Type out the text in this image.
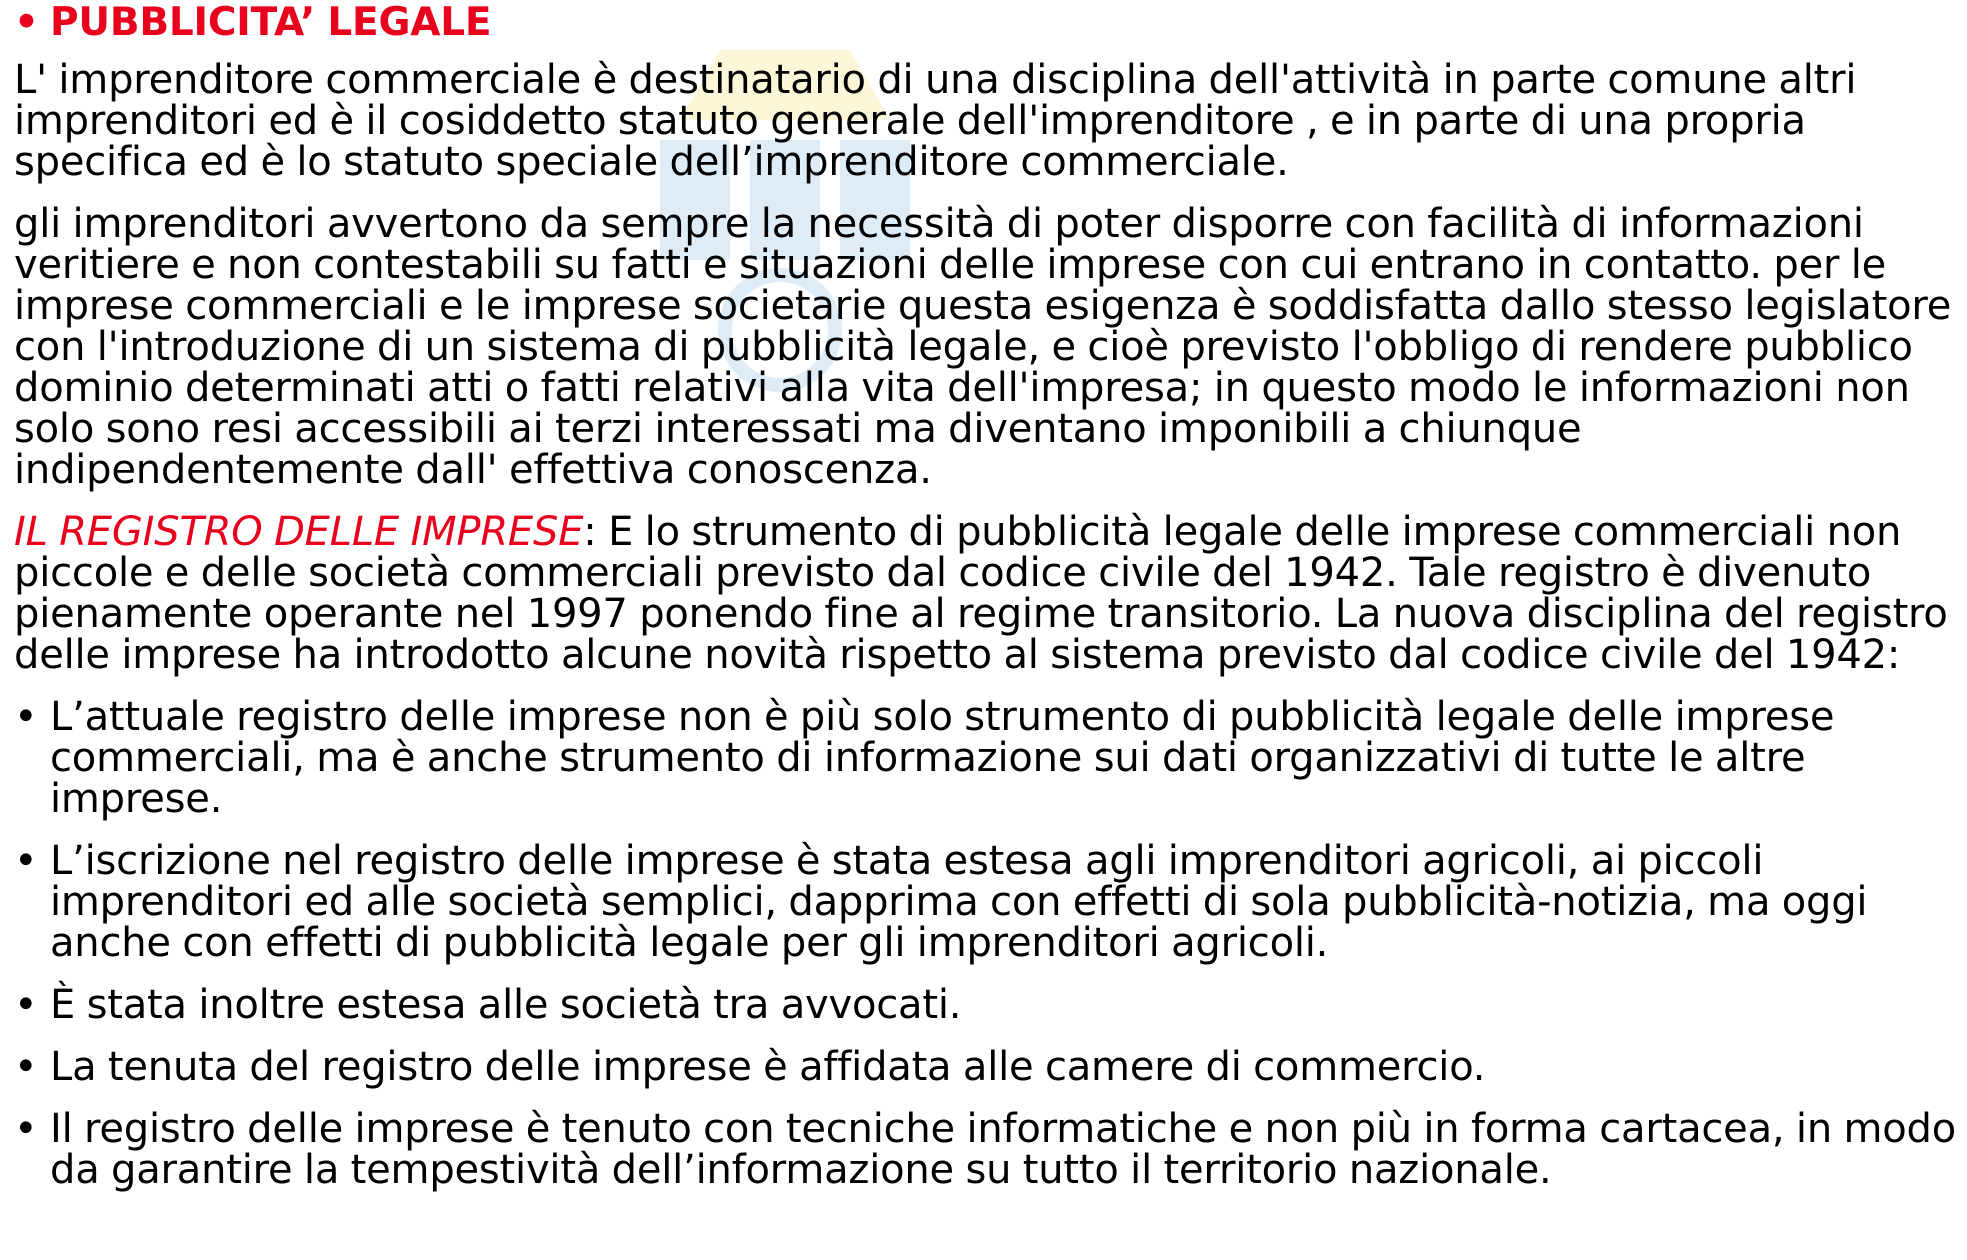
• PUBBLICITA’ LEGALE

L' imprenditore commerciale è destinatario di una disciplina dell'attività in parte comune altri imprenditori ed è il cosiddetto statuto generale dell'imprenditore , e in parte di una propria specifica ed è lo statuto speciale dell’imprenditore commerciale.

gli imprenditori avvertono da sempre la necessità di poter disporre con facilità di informazioni veritiere e non contestabili su fatti e situazioni delle imprese con cui entrano in contatto. per le imprese commerciali e le imprese societarie questa esigenza è soddisfatta dallo stesso legislatore con l'introduzione di un sistema di pubblicità legale, e cioè previsto l'obbligo di rendere pubblico dominio determinati atti o fatti relativi alla vita dell'impresa; in questo modo le informazioni non solo sono resi accessibili ai terzi interessati ma diventano imponibili a chiunque indipendentemente dall' effettiva conoscenza.

IL REGISTRO DELLE IMPRESE: E lo strumento di pubblicità legale delle imprese commerciali non piccole e delle società commerciali previsto dal codice civile del 1942. Tale registro è divenuto pienamente operante nel 1997 ponendo fine al regime transitorio. La nuova disciplina del registro delle imprese ha introdotto alcune novità rispetto al sistema previsto dal codice civile del 1942:

• L’attuale registro delle imprese non è più solo strumento di pubblicità legale delle imprese commerciali, ma è anche strumento di informazione sui dati organizzativi di tutte le altre imprese.
• L’iscrizione nel registro delle imprese è stata estesa agli imprenditori agricoli, ai piccoli imprenditori ed alle società semplici, dapprima con effetti di sola pubblicità-notizia, ma oggi anche con effetti di pubblicità legale per gli imprenditori agricoli.
• È stata inoltre estesa alle società tra avvocati.
• La tenuta del registro delle imprese è affidata alle camere di commercio.
• Il registro delle imprese è tenuto con tecniche informatiche e non più in forma cartacea, in modo da garantire la tempestività dell’informazione su tutto il territorio nazionale.
